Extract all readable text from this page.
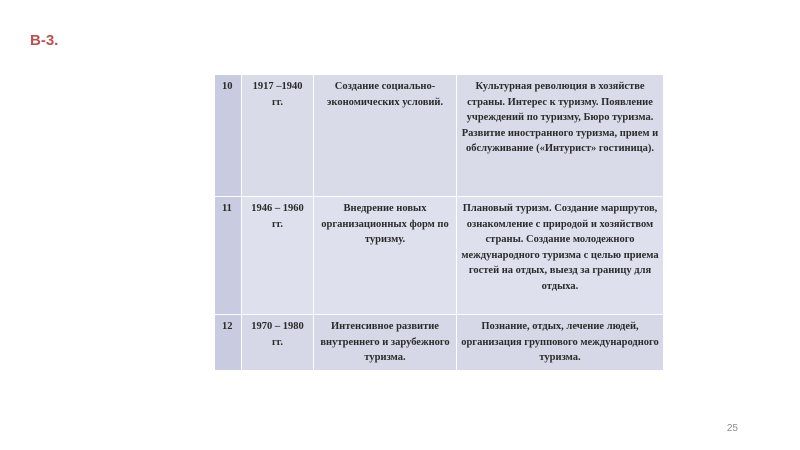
В-3.
10	1917 –1940 гг.	Создание социально-экономических условий.	Культурная революция в хозяйстве страны. Интерес к туризму. Появление учреждений по туризму, Бюро туризма. Развитие иностранного туризма, прием и обслуживание («Интурист» гостиница).
11	1946 – 1960 гг.	Внедрение новых организационных форм по туризму.	Плановый туризм. Создание маршрутов, ознакомление с природой и хозяйством страны. Создание молодежного международного туризма с целью приема гостей на отдых, выезд за границу для отдыха.
12	1970 – 1980 гг.	Интенсивное развитие внутреннего и зарубежного туризма.	Познание, отдых, лечение людей, организация группового международного туризма.
25
